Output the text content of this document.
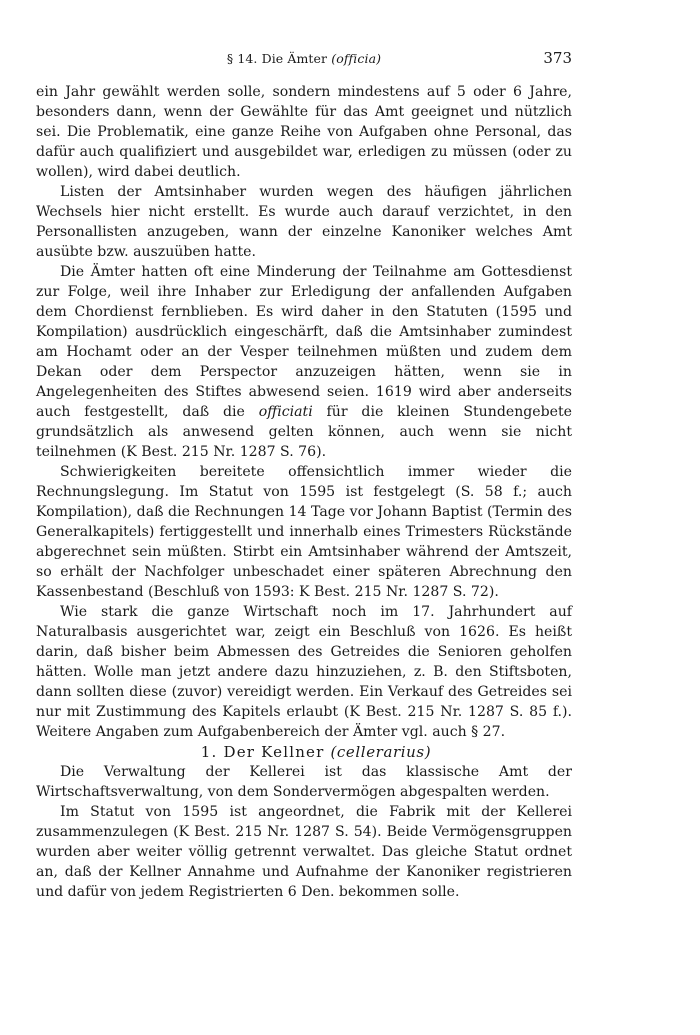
§ 14. Die Ämter (officia)	373

ein Jahr gewählt werden solle, sondern mindestens auf 5 oder 6 Jahre, besonders dann, wenn der Gewählte für das Amt geeignet und nützlich sei. Die Problematik, eine ganze Reihe von Aufgaben ohne Personal, das dafür auch qualifiziert und ausgebildet war, erledigen zu müssen (oder zu wollen), wird dabei deutlich.

Listen der Amtsinhaber wurden wegen des häufigen jährlichen Wechsels hier nicht erstellt. Es wurde auch darauf verzichtet, in den Personallisten anzugeben, wann der einzelne Kanoniker welches Amt ausübte bzw. auszuüben hatte.

Die Ämter hatten oft eine Minderung der Teilnahme am Gottesdienst zur Folge, weil ihre Inhaber zur Erledigung der anfallenden Aufgaben dem Chordienst fernblieben. Es wird daher in den Statuten (1595 und Kompilation) ausdrücklich eingeschärft, daß die Amtsinhaber zumindest am Hochamt oder an der Vesper teilnehmen müßten und zudem dem Dekan oder dem Perspector anzuzeigen hätten, wenn sie in Angelegenheiten des Stiftes abwesend seien. 1619 wird aber anderseits auch festgestellt, daß die officiati für die kleinen Stundengebete grundsätzlich als anwesend gelten können, auch wenn sie nicht teilnehmen (K Best. 215 Nr. 1287 S. 76).

Schwierigkeiten bereitete offensichtlich immer wieder die Rechnungslegung. Im Statut von 1595 ist festgelegt (S. 58 f.; auch Kompilation), daß die Rechnungen 14 Tage vor Johann Baptist (Termin des Generalkapitels) fertiggestellt und innerhalb eines Trimesters Rückstände abgerechnet sein müßten. Stirbt ein Amtsinhaber während der Amtszeit, so erhält der Nachfolger unbeschadet einer späteren Abrechnung den Kassenbestand (Beschluß von 1593: K Best. 215 Nr. 1287 S. 72).

Wie stark die ganze Wirtschaft noch im 17. Jahrhundert auf Naturalbasis ausgerichtet war, zeigt ein Beschluß von 1626. Es heißt darin, daß bisher beim Abmessen des Getreides die Senioren geholfen hätten. Wolle man jetzt andere dazu hinzuziehen, z. B. den Stiftsboten, dann sollten diese (zuvor) vereidigt werden. Ein Verkauf des Getreides sei nur mit Zustimmung des Kapitels erlaubt (K Best. 215 Nr. 1287 S. 85 f.). Weitere Angaben zum Aufgabenbereich der Ämter vgl. auch § 27.

1. Der Kellner (cellerarius)

Die Verwaltung der Kellerei ist das klassische Amt der Wirtschaftsverwaltung, von dem Sondervermögen abgespalten werden.

Im Statut von 1595 ist angeordnet, die Fabrik mit der Kellerei zusammenzulegen (K Best. 215 Nr. 1287 S. 54). Beide Vermögensgruppen wurden aber weiter völlig getrennt verwaltet. Das gleiche Statut ordnet an, daß der Kellner Annahme und Aufnahme der Kanoniker registrieren und dafür von jedem Registrierten 6 Den. bekommen solle.
